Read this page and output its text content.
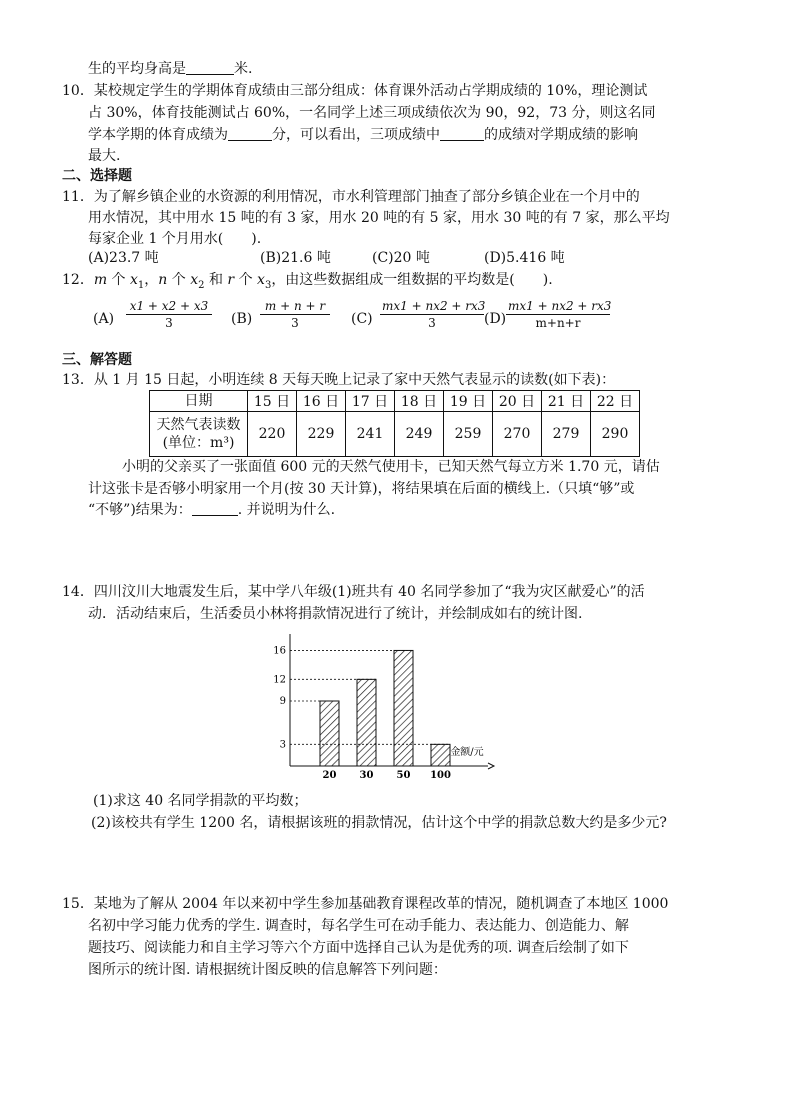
生的平均身高是	米.
10．某校规定学生的学期体育成绩由三部分组成：体育课外活动占学期成绩的 10%，理论测试
占 30%，体育技能测试占 60%，一名同学上述三项成绩依次为 90，92，73 分，则这名同
学本学期的体育成绩为	分，可以看出，三项成绩中	的成绩对学期成绩的影响
最大.
二、选择题
11．为了解乡镇企业的水资源的利用情况，市水利管理部门抽查了部分乡镇企业在一个月中的
用水情况，其中用水 15 吨的有 3 家，用水 20 吨的有 5 家，用水 30 吨的有 7 家，那么平均
每家企业 1 个月用水(　　).
(A)23.7 吨	(B)21.6 吨	(C)20 吨	(D)5.416 吨
12．m 个 $x_1$，n 个 $x_2$ 和 r 个 $x_3$，由这些数据组成一组数据的平均数是(　　).
$(A) \frac{x1 + x2 + x3}{3} (B) \frac{m + n + r}{3} (C) \frac{mx1 + nx2 + rx3}{3} (D) \frac{mx1 + nx2 + rx3}{m+n+r}$
三、解答题
13．从 1 月 15 日起，小明连续 8 天每天晚上记录了家中天然气表显示的读数(如下表)：
日期	15 日	16 日	17 日	18 日	19 日	20 日	21 日	22 日

天然气表读数
(单位：m³)	220	229	241	249	259	270	279	290
小明的父亲买了一张面值 600 元的天然气使用卡，已知天然气每立方米 1.70 元，请估
计这张卡是否够小明家用一个月(按 30 天计算)，将结果填在后面的横线上.（只填“够”或
“不够”)结果为：	. 并说明为什么.
14．四川汶川大地震发生后，某中学八年级(1)班共有 40 名同学参加了“我为灾区献爱心”的活
动．活动结束后，生活委员小林将捐款情况进行了统计，并绘制成如右的统计图.
3
9
12
16
20 30 50 100
金额/元
(1)求这 40 名同学捐款的平均数；
(2)该校共有学生 1200 名，请根据该班的捐款情况，估计这个中学的捐款总数大约是多少元?
15．某地为了解从 2004 年以来初中学生参加基础教育课程改革的情况，随机调查了本地区 1000
名初中学习能力优秀的学生. 调查时，每名学生可在动手能力、表达能力、创造能力、解
题技巧、阅读能力和自主学习等六个方面中选择自己认为是优秀的项. 调查后绘制了如下
图所示的统计图. 请根据统计图反映的信息解答下列问题：
